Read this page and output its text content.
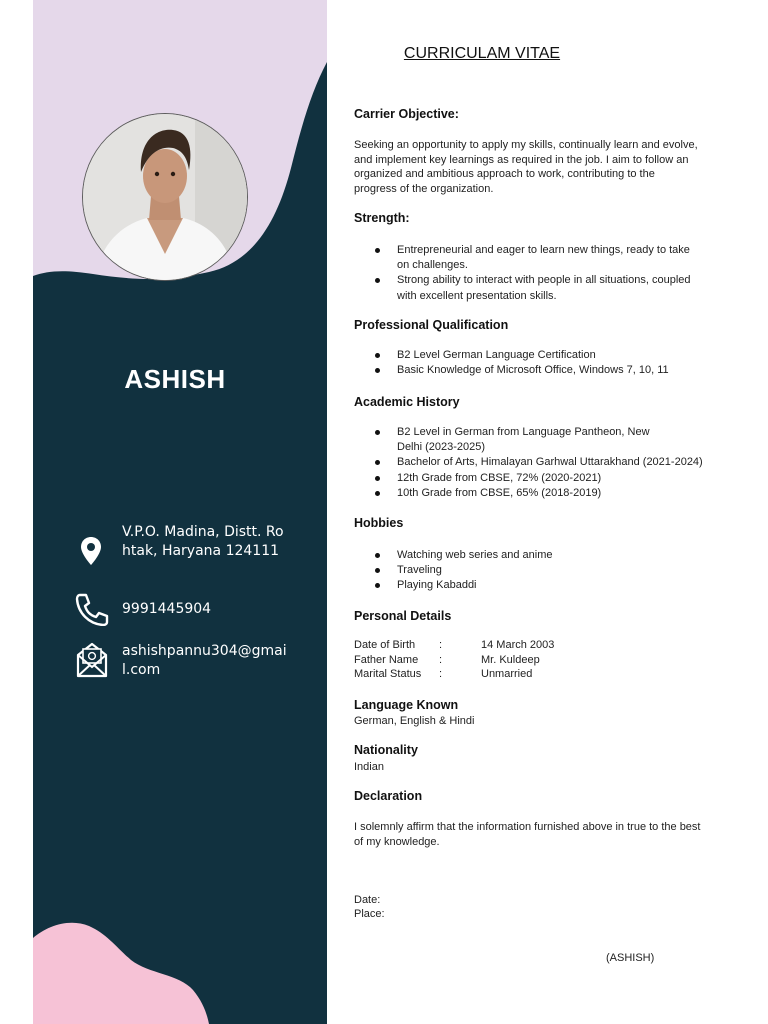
ASHISH
V.P.O. Madina, Distt. Rohtak, Haryana 124111
9991445904
ashishpannu304@gmail.com
CURRICULAM VITAE
Carrier Objective:
Seeking an opportunity to apply my skills, continually learn and evolve, and implement key learnings as required in the job. I aim to follow an organized and ambitious approach to work, contributing to the progress of the organization.
Strength:
Entrepreneurial and eager to learn new things, ready to take on challenges.
Strong ability to interact with people in all situations, coupled with excellent presentation skills.
Professional Qualification
B2 Level German Language Certification
Basic Knowledge of Microsoft Office, Windows 7, 10, 11
Academic History
B2 Level in German from Language Pantheon, New Delhi (2023-2025)
Bachelor of Arts, Himalayan Garhwal Uttarakhand (2021-2024)
12th Grade from CBSE, 72% (2020-2021)
10th Grade from CBSE, 65% (2018-2019)
Hobbies
Watching web series and anime
Traveling
Playing Kabaddi
Personal Details
Date of Birth	:	14 March 2003
Father Name	:	Mr. Kuldeep
Marital Status	:	Unmarried
Language Known
German, English & Hindi
Nationality
Indian
Declaration
I solemnly affirm that the information furnished above in true to the best of my knowledge.
Date:
Place:
(ASHISH)
